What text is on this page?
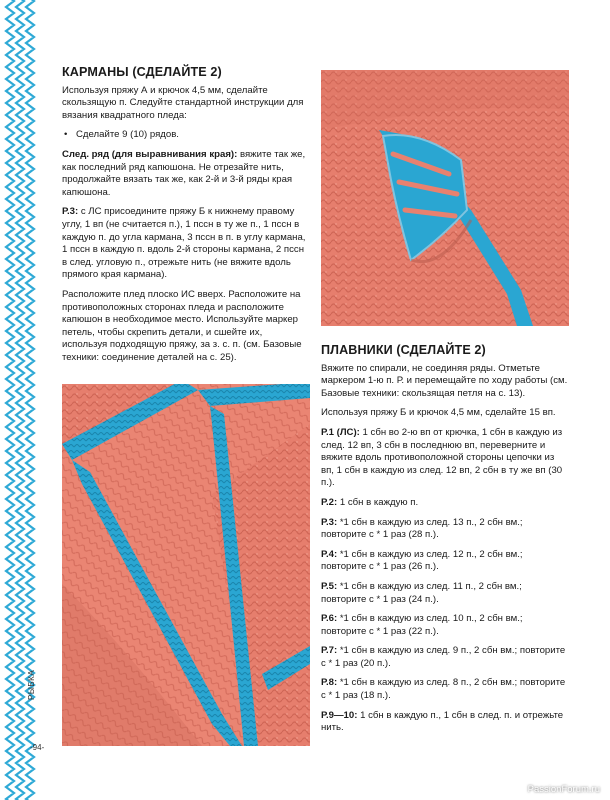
КАРМАНЫ (СДЕЛАЙТЕ 2)

Используя пряжу А и крючок 4,5 мм, сделайте скользящую п. Следуйте стандартной инструкции для вязания квадратного пледа:

• Сделайте 9 (10) рядов.

След. ряд (для выравнивания края): вяжите так же, как последний ряд капюшона. Не отрезайте нить, продолжайте вязать так же, как 2-й и 3-й ряды края капюшона.

Р.3: с ЛС присоедините пряжу Б к нижнему правому углу, 1 вп (не считается п.), 1 пссн в ту же п., 1 пссн в каждую п. до угла кармана, 3 пссн в п. в углу кармана, 1 пссн в каждую п. вдоль 2-й стороны кармана, 2 пссн в след. угловую п., отрежьте нить (не вяжите вдоль прямого края кармана).

Расположите плед плоско ИС вверх. Расположите на противоположных сторонах пледа и расположите капюшон в необходимое место. Используйте маркер петель, чтобы скрепить детали, и сшейте их, используя подходящую пряжу, за з. с. п. (см. Базовые техники: соединение деталей на с. 25).

ПЛАВНИКИ (СДЕЛАЙТЕ 2)

Вяжите по спирали, не соединяя ряды. Отметьте маркером 1-ю п. Р. и перемещайте по ходу работы (см. Базовые техники: скользящая петля на с. 13).

Используя пряжу Б и крючок 4,5 мм, сделайте 15 вп.

Р.1 (ЛС): 1 сбн во 2-ю вп от крючка, 1 сбн в каждую из след. 12 вп, 3 сбн в последнюю вп, переверните и вяжите вдоль противоположной стороны цепочки из вп, 1 сбн в каждую из след. 12 вп, 2 сбн в ту же вп (30 п.).

Р.2: 1 сбн в каждую п.

Р.3: *1 сбн в каждую из след. 13 п., 2 сбн вм.; повторите с * 1 раз (28 п.).

Р.4: *1 сбн в каждую из след. 12 п., 2 сбн вм.; повторите с * 1 раз (26 п.).

Р.5: *1 сбн в каждую из след. 11 п., 2 сбн вм.; повторите с * 1 раз (24 п.).

Р.6: *1 сбн в каждую из след. 10 п., 2 сбн вм.; повторите с * 1 раз (22 п.).

Р.7: *1 сбн в каждую из след. 9 п., 2 сбн вм.; повторите с * 1 раз (20 п.).

Р.8: *1 сбн в каждую из след. 8 п., 2 сбн вм.; повторите с * 1 раз (18 п.).

Р.9—10: 1 сбн в каждую п., 1 сбн в след. п. и отрежьте нить.

РЫБКА
-94-
PassionForum.ru
